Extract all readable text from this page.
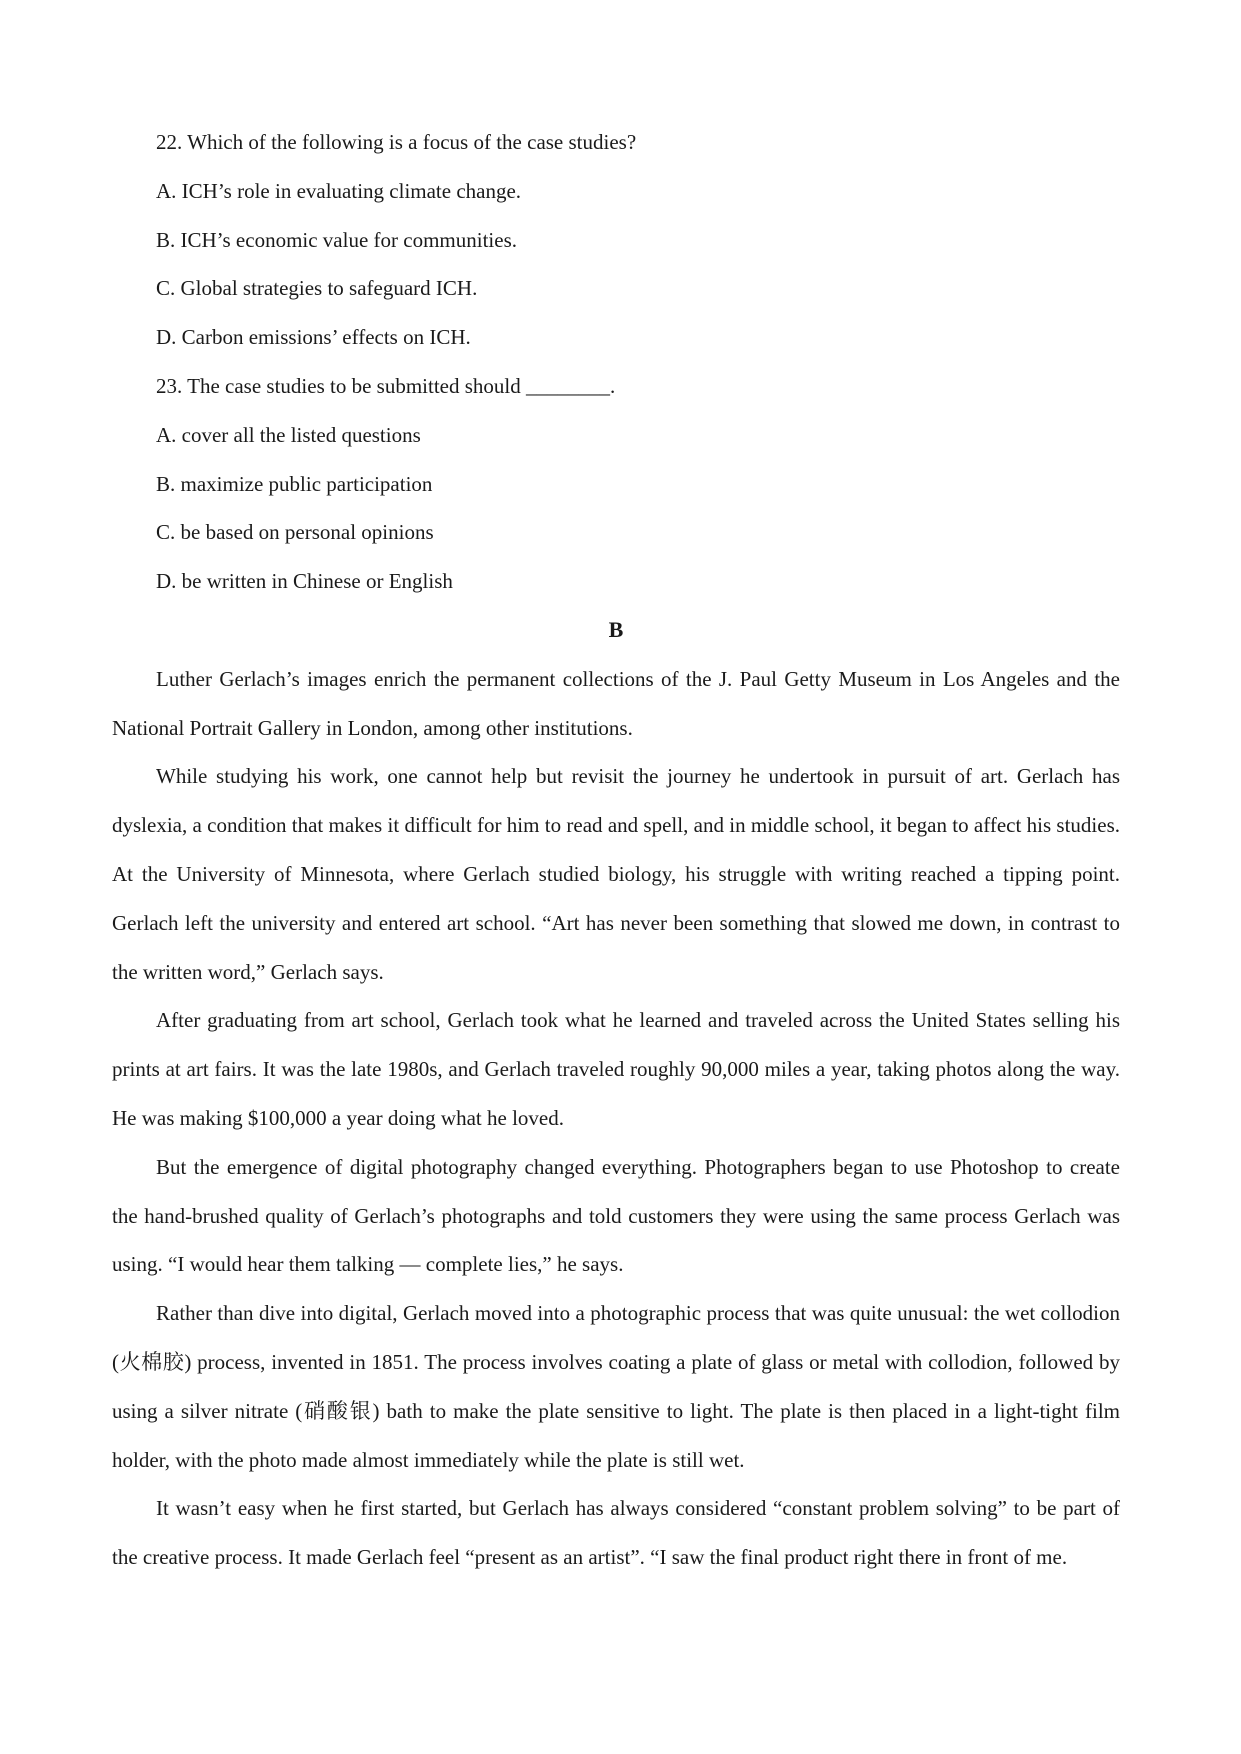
22. Which of the following is a focus of the case studies?
A. ICH’s role in evaluating climate change.
B. ICH’s economic value for communities.
C. Global strategies to safeguard ICH.
D. Carbon emissions’ effects on ICH.
23. The case studies to be submitted should ________.
A. cover all the listed questions
B. maximize public participation
C. be based on personal opinions
D. be written in Chinese or English
B

Luther Gerlach’s images enrich the permanent collections of the J. Paul Getty Museum in Los Angeles and the National Portrait Gallery in London, among other institutions.

While studying his work, one cannot help but revisit the journey he undertook in pursuit of art. Gerlach has dyslexia, a condition that makes it difficult for him to read and spell, and in middle school, it began to affect his studies. At the University of Minnesota, where Gerlach studied biology, his struggle with writing reached a tipping point. Gerlach left the university and entered art school. “Art has never been something that slowed me down, in contrast to the written word,” Gerlach says.

After graduating from art school, Gerlach took what he learned and traveled across the United States selling his prints at art fairs. It was the late 1980s, and Gerlach traveled roughly 90,000 miles a year, taking photos along the way. He was making $100,000 a year doing what he loved.

But the emergence of digital photography changed everything. Photographers began to use Photoshop to create the hand-brushed quality of Gerlach’s photographs and told customers they were using the same process Gerlach was using. “I would hear them talking — complete lies,” he says.

Rather than dive into digital, Gerlach moved into a photographic process that was quite unusual: the wet collodion (火棉胶) process, invented in 1851. The process involves coating a plate of glass or metal with collodion, followed by using a silver nitrate (硝酸银) bath to make the plate sensitive to light. The plate is then placed in a light-tight film holder, with the photo made almost immediately while the plate is still wet.

It wasn’t easy when he first started, but Gerlach has always considered “constant problem solving” to be part of the creative process. It made Gerlach feel “present as an artist”. “I saw the final product right there in front of me.
